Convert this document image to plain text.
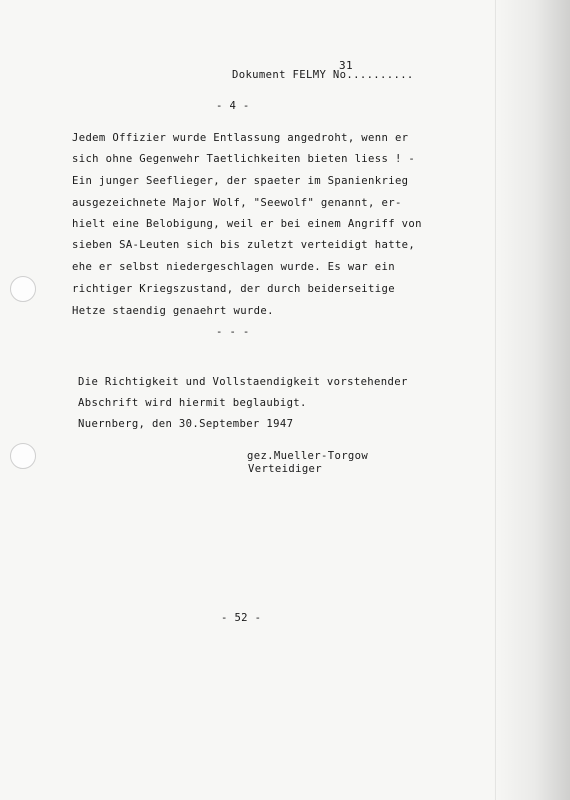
31
Dokument FELMY No..........
- 4 -
Jedem Offizier wurde Entlassung angedroht, wenn er
sich ohne Gegenwehr Taetlichkeiten bieten liess ! -
Ein junger Seeflieger, der spaeter im Spanienkrieg
ausgezeichnete Major Wolf, "Seewolf" genannt, er-
hielt eine Belobigung, weil er bei einem Angriff von
sieben SA-Leuten sich bis zuletzt verteidigt hatte,
ehe er selbst niedergeschlagen wurde. Es war ein
richtiger Kriegszustand, der durch beiderseitige
Hetze staendig genaehrt wurde.
- - -
Die Richtigkeit und Vollstaendigkeit vorstehender
Abschrift wird hiermit beglaubigt.
Nuernberg, den 30.September 1947
gez.Mueller-Torgow
Verteidiger
- 52 -
